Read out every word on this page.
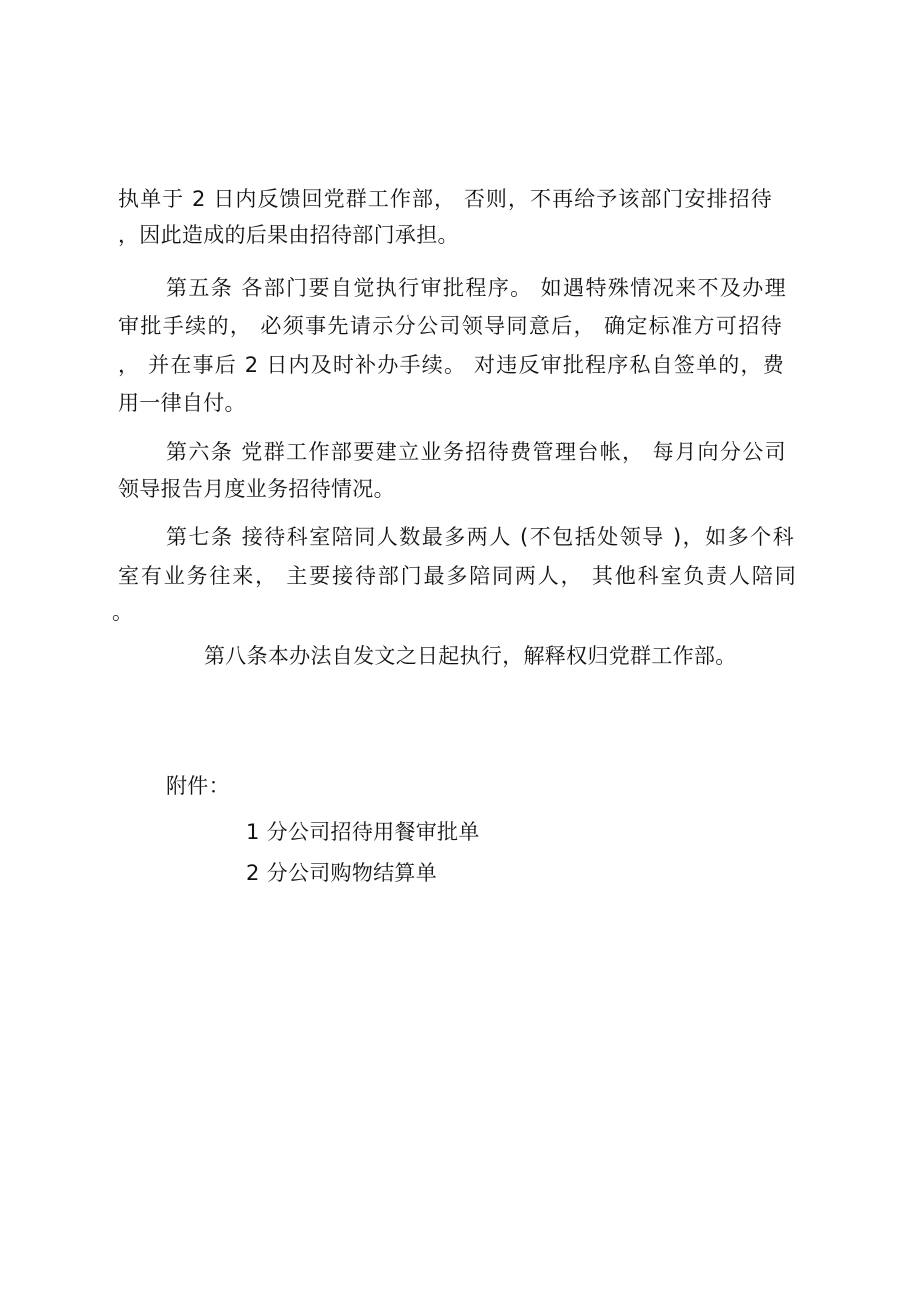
执单于 2 日内反馈回党群工作部， 否则，不再给予该部门安排招待
，因此造成的后果由招待部门承担。
第五条 各部门要自觉执行审批程序。 如遇特殊情况来不及办理
审批手续的， 必须事先请示分公司领导同意后， 确定标准方可招待
， 并在事后 2 日内及时补办手续。 对违反审批程序私自签单的，费
用一律自付。
第六条 党群工作部要建立业务招待费管理台帐， 每月向分公司
领导报告月度业务招待情况。
第七条 接待科室陪同人数最多两人 (不包括处领导 )，如多个科
室有业务往来， 主要接待部门最多陪同两人， 其他科室负责人陪同
。
第八条本办法自发文之日起执行，解释权归党群工作部。
附件：
1 分公司招待用餐审批单
2 分公司购物结算单
